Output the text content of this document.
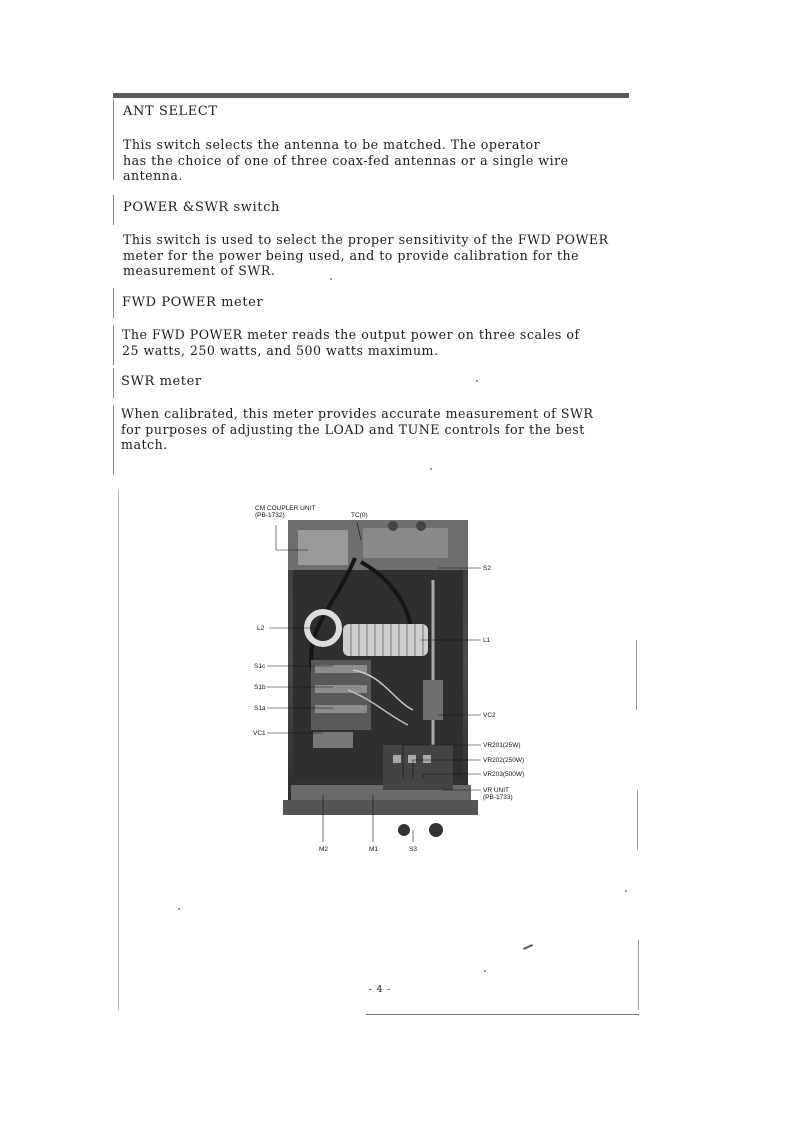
ANT SELECT
This switch selects the antenna to be matched. The operator
has the choice of one of three coax-fed antennas or a single wire
antenna.
POWER &SWR switch
This switch is used to select the proper sensitivity of the FWD POWER
meter for the power being used, and to provide calibration for the
measurement of SWR.
FWD POWER meter
The FWD POWER meter reads the output power on three scales of
25 watts, 250 watts, and 500 watts maximum.
SWR meter
When calibrated, this meter provides accurate measurement of SWR
for purposes of adjusting the LOAD and TUNE controls for the best
match.
CM COUPLER UNIT
(PB-1732)	TC(0)
S2
L2
L1
S1c
S1b
S1a
VC2
VC1
VR201(25W)
VR202(250W)
VR203(500W)
VR UNIT
(PB-1733)
M2	M1	S3
- 4 -
